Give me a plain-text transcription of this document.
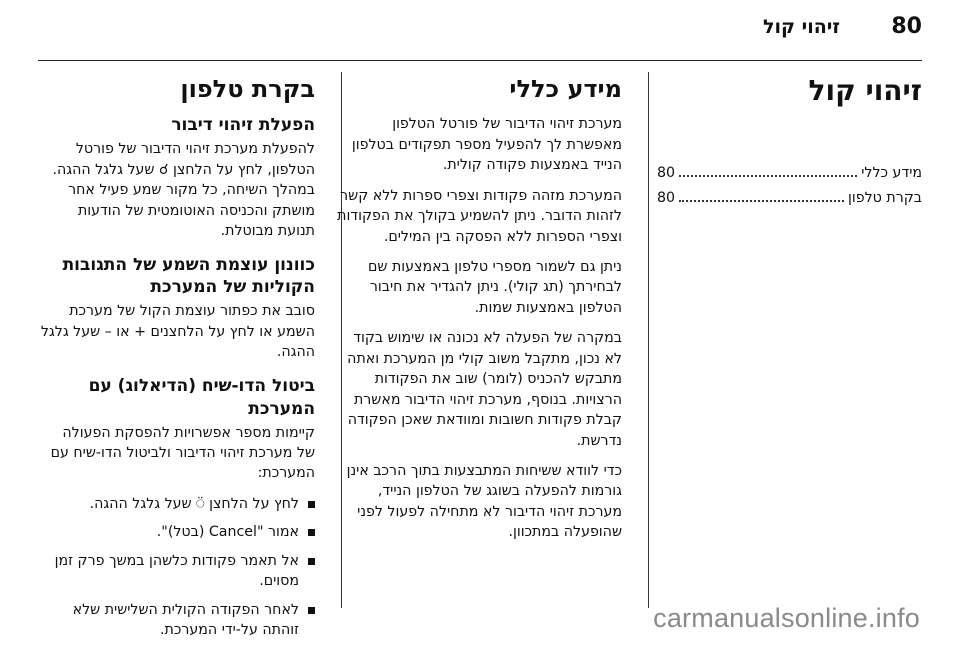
זיהוי קול 80
זיהוי קול
מידע כללי
80
בקרת טלפון
80
מידע כללי

מערכת זיהוי הדיבור של פורטל הטלפון מאפשרת לך להפעיל מספר תפקודים בטלפון הנייד באמצעות פקודה קולית.

המערכת מזהה פקודות וצפרי ספרות ללא קשר לזהות הדובר. ניתן להשמיע בקולך את הפקודות וצפרי הספרות ללא הפסקה בין המילים.

ניתן גם לשמור מספרי טלפון באמצעות שם לבחירתך (תג קולי). ניתן להגדיר את חיבור הטלפון באמצעות שמות.

במקרה של הפעלה לא נכונה או שימוש בקוד לא נכון, מתקבל משוב קולי מן המערכת ואתה מתבקש להכניס (לומר) שוב את הפקודות הרצויות. בנוסף, מערכת זיהוי הדיבור מאשרת קבלת פקודות חשובות ומוודאת שאכן הפקודה נדרשת.

כדי לוודא ששיחות המתבצעות בתוך הרכב אינן גורמות להפעלה בשוגג של הטלפון הנייד, מערכת זיהוי הדיבור לא מתחילה לפעול לפני שהופעלה במתכוון.

בקרת טלפון
הפעלת זיהוי דיבור

להפעלת מערכת זיהוי הדיבור של פורטל הטלפון, לחץ על הלחצן ☌ שעל גלגל ההגה. במהלך השיחה, כל מקור שמע פעיל אחר מושתק והכניסה האוטומטית של הודעות תנועת מבוטלת.

כוונון עוצמת השמע של התגובות הקוליות של המערכת

סובב את כפתור עוצמת הקול של מערכת השמע או לחץ על הלחצנים + או – שעל גלגל ההגה.

ביטול הדו-שיח (הדיאלוג) עם המערכת

קיימות מספר אפשרויות להפסקת הפעולה של מערכת זיהוי הדיבור ולביטול הדו-שיח עם המערכת:

לחץ על הלחצן ⍥ שעל גלגל ההגה.
אמור "Cancel (בטל)".
אל תאמר פקודות כלשהן במשך פרק זמן מסוים.
לאחר הפקודה הקולית השלישית שלא זוהתה על-ידי המערכת.	carmanualsonline.info
